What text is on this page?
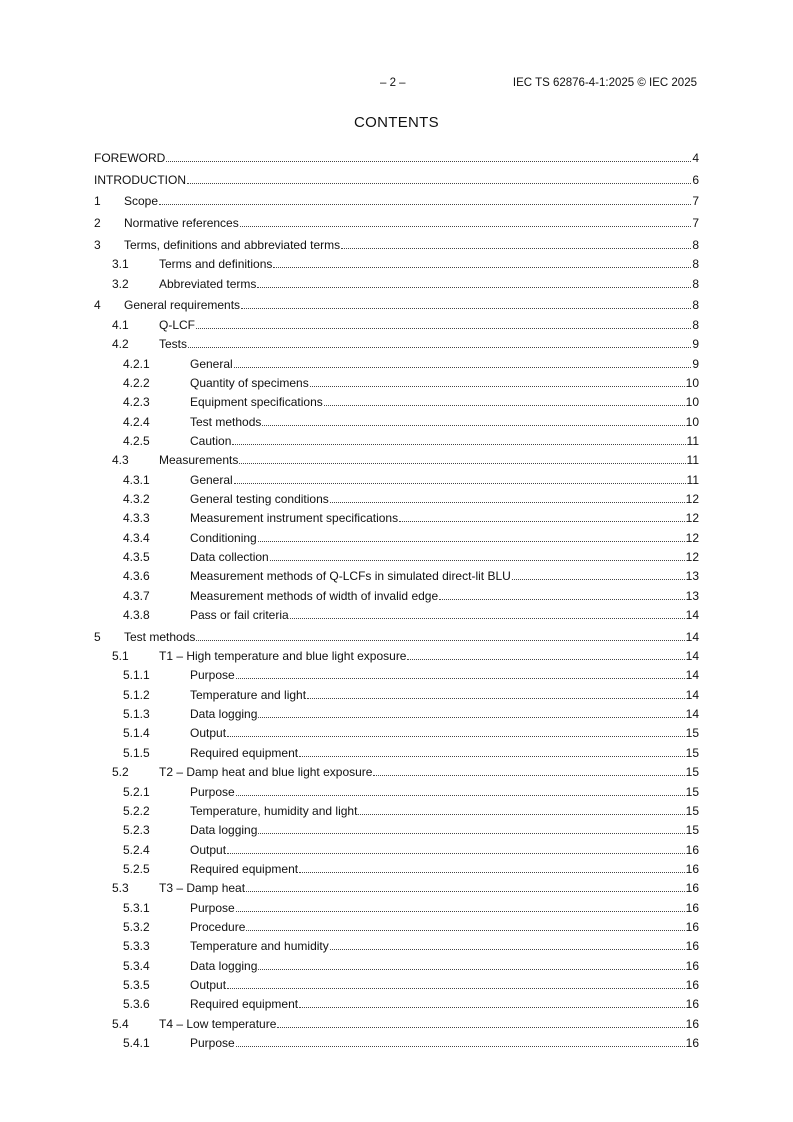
– 2 –	IEC TS 62876-4-1:2025 © IEC 2025
CONTENTS
FOREWORD	4
INTRODUCTION	6
1	Scope	7
2	Normative references	7
3	Terms, definitions and abbreviated terms	8
3.1	Terms and definitions	8
3.2	Abbreviated terms	8
4	General requirements	8
4.1	Q-LCF	8
4.2	Tests	9
4.2.1	General	9
4.2.2	Quantity of specimens	10
4.2.3	Equipment specifications	10
4.2.4	Test methods	10
4.2.5	Caution	11
4.3	Measurements	11
4.3.1	General	11
4.3.2	General testing conditions	12
4.3.3	Measurement instrument specifications	12
4.3.4	Conditioning	12
4.3.5	Data collection	12
4.3.6	Measurement methods of Q-LCFs in simulated direct-lit BLU	13
4.3.7	Measurement methods of width of invalid edge	13
4.3.8	Pass or fail criteria	14
5	Test methods	14
5.1	T1 – High temperature and blue light exposure	14
5.1.1	Purpose	14
5.1.2	Temperature and light	14
5.1.3	Data logging	14
5.1.4	Output	15
5.1.5	Required equipment	15
5.2	T2 – Damp heat and blue light exposure	15
5.2.1	Purpose	15
5.2.2	Temperature, humidity and light	15
5.2.3	Data logging	15
5.2.4	Output	16
5.2.5	Required equipment	16
5.3	T3 – Damp heat	16
5.3.1	Purpose	16
5.3.2	Procedure	16
5.3.3	Temperature and humidity	16
5.3.4	Data logging	16
5.3.5	Output	16
5.3.6	Required equipment	16
5.4	T4 – Low temperature	16
5.4.1	Purpose	16
